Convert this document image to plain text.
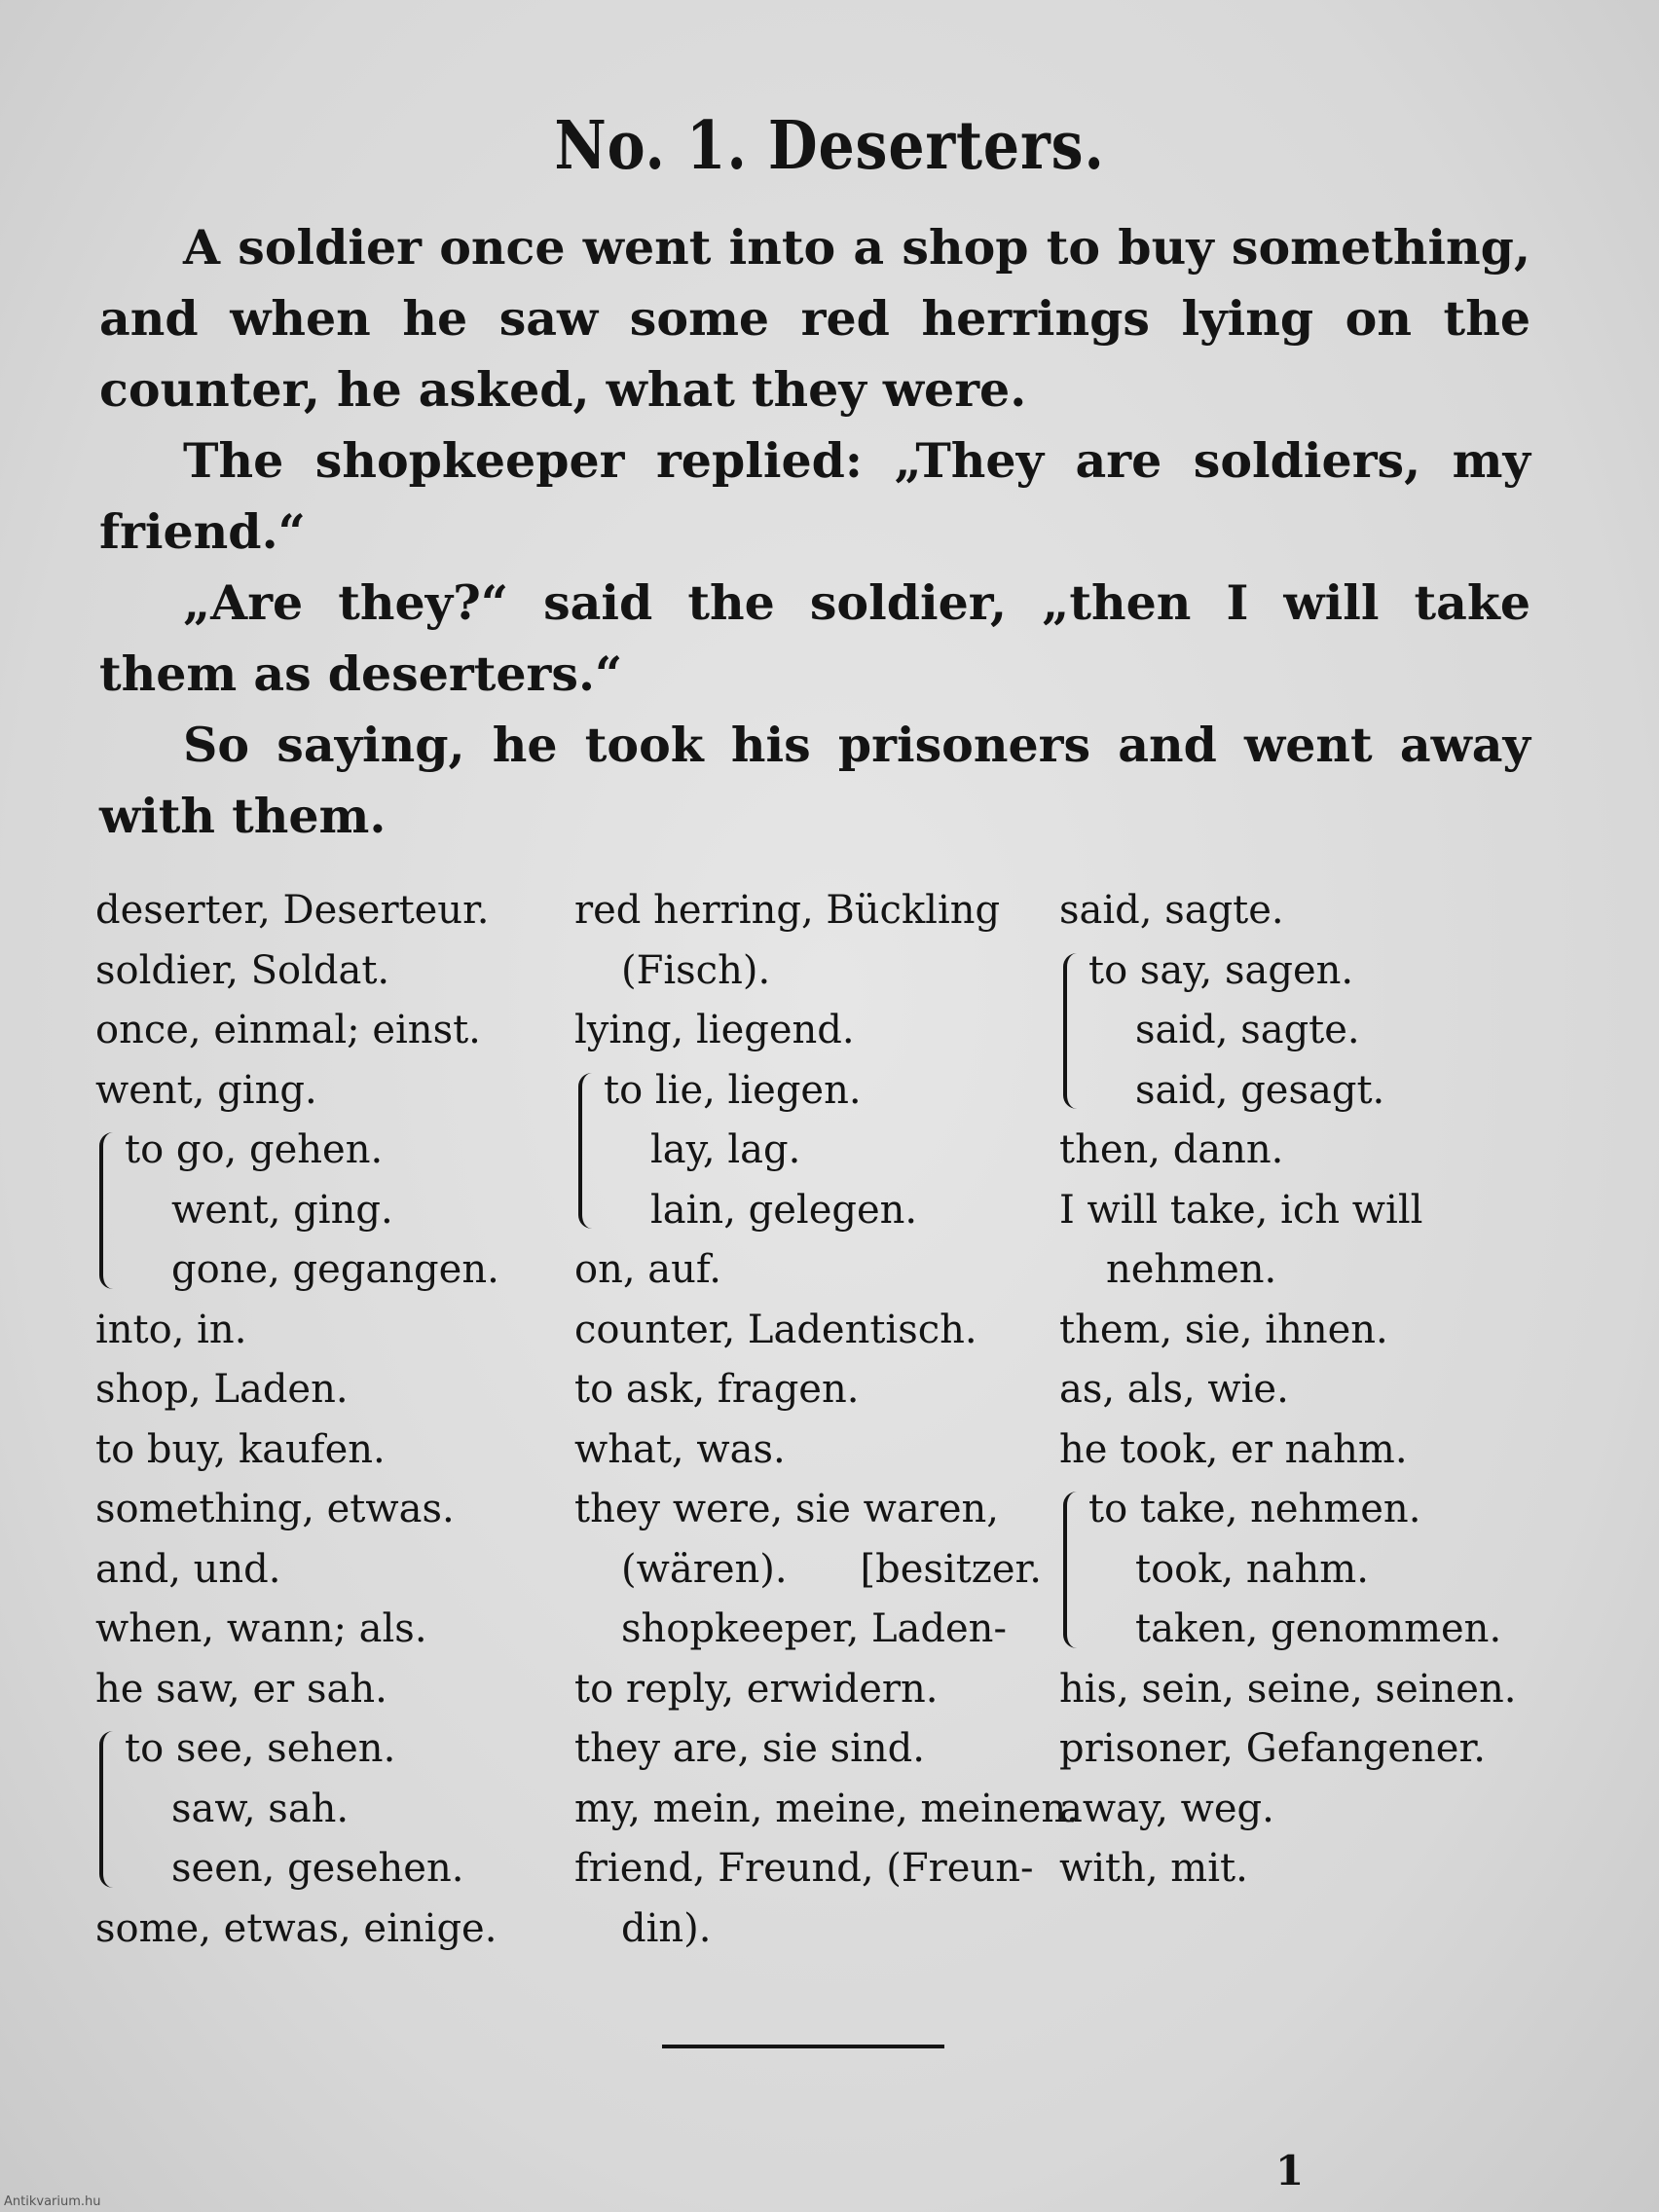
No. 1. Deserters.

A soldier once went into a shop to buy something, and when he saw some red herrings lying on the counter, he asked, what they were.

The shopkeeper replied: „They are soldiers, my friend.“

„Are they?“ said the soldier, „then I will take them as deserters.“

So saying, he took his prisoners and went away with them.

deserter, Deserteur.
soldier, Soldat.
once, einmal; einst.
went, ging.
to go, gehen.
went, ging.
gone, gegangen.
into, in.
shop, Laden.
to buy, kaufen.
something, etwas.
and, und.
when, wann; als.
he saw, er sah.
to see, sehen.
saw, sah.
seen, gesehen.
some, etwas, einige.
red herring, Bückling
(Fisch).
lying, liegend.
to lie, liegen.
lay, lag.
lain, gelegen.
on, auf.
counter, Ladentisch.
to ask, fragen.
what, was.
they were, sie waren,
(wären). [besitzer.
shopkeeper, Laden-
to reply, erwidern.
they are, sie sind.
my, mein, meine, meinen.
friend, Freund, (Freun-
din).
said, sagte.
to say, sagen.
said, sagte.
said, gesagt.
then, dann.
I will take, ich will
nehmen.
them, sie, ihnen.
as, als, wie.
he took, er nahm.
to take, nehmen.
took, nahm.
taken, genommen.
his, sein, seine, seinen.
prisoner, Gefangener.
away, weg.
with, mit.
1
Antikvarium.hu
